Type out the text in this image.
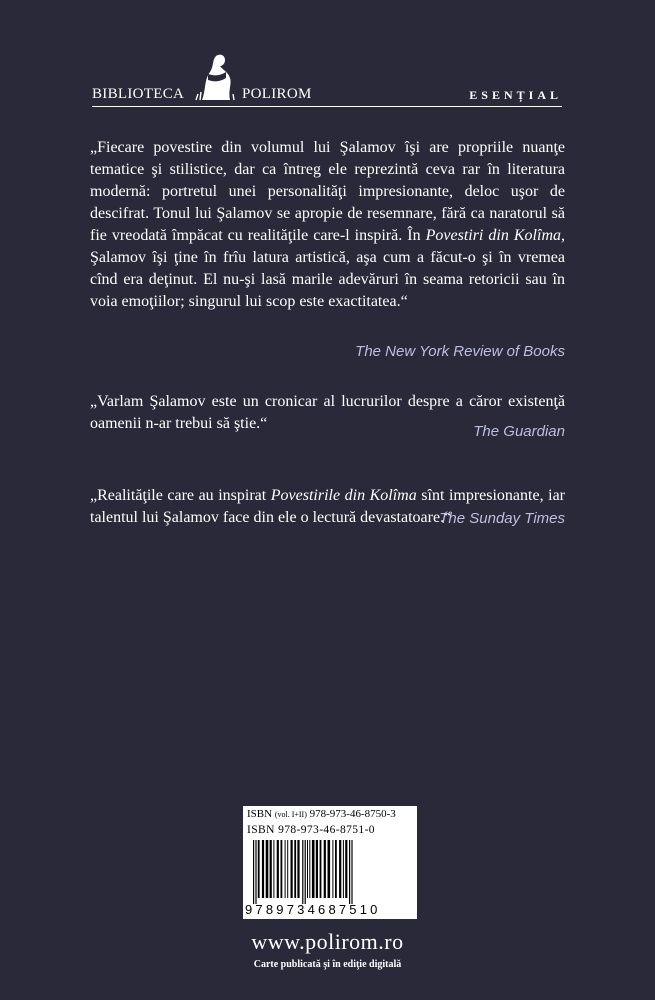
BIBLIOTECA	POLIROM	ESENȚIAL
„Fiecare povestire din volumul lui Şalamov îşi are propriile nuanţe tematice şi stilistice, dar ca întreg ele reprezintă ceva rar în literatura modernă: portretul unei personalităţi impresionante, deloc uşor de descifrat. Tonul lui Şalamov se apropie de resemnare, fără ca naratorul să fie vreodată împăcat cu realităţile care-l inspiră. În Povestiri din Kolîma, Şalamov îşi ţine în frîu latura artistică, aşa cum a făcut-o şi în vremea cînd era deţinut. El nu-şi lasă marile adevăruri în seama retoricii sau în voia emoţiilor; singurul lui scop este exactitatea.“
The New York Review of Books
„Varlam Şalamov este un cronicar al lucrurilor despre a căror existenţă oamenii n-ar trebui să ştie.“	The Guardian
„Realităţile care au inspirat Povestirile din Kolîma sînt impresionante, iar talentul lui Şalamov face din ele o lectură devastatoare.“
The Sunday Times
ISBN (vol. I+II) 978-973-46-8750-3
ISBN 978-973-46-8751-0
9789734687510
www.polirom.ro
Carte publicată şi în ediţie digitală
